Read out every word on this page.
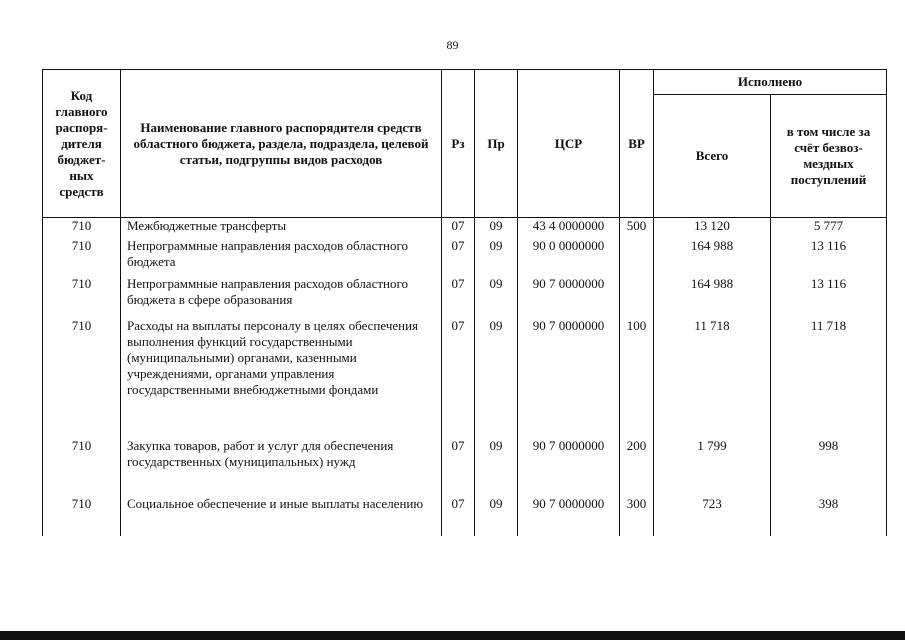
89
Код главного распоря-дителя бюджет-ных средств	Наименование главного распорядителя средств областного бюджета, раздела, подраздела, целевой статьи, подгруппы видов расходов	Рз	Пр	ЦСР	ВР	Исполнено	
						Всего	в том числе за счёт безвоз-мездных поступлений
710	Межбюджетные трансферты	07	09	43 4 0000000	500	13 120	5 777
710	Непрограммные направления расходов областного бюджета	07	09	90 0 0000000		164 988	13 116
710	Непрограммные направления расходов областного бюджета в сфере образования	07	09	90 7 0000000		164 988	13 116
710	Расходы на выплаты персоналу в целях обеспечения выполнения функций государственными (муниципальными) органами, казенными учреждениями, органами управления государственными внебюджетными фондами	07	09	90 7 0000000	100	11 718	11 718
710	Закупка товаров, работ и услуг для обеспечения государственных (муниципальных) нужд	07	09	90 7 0000000	200	1 799	998
710	Социальное обеспечение и иные выплаты населению	07	09	90 7 0000000	300	723	398
